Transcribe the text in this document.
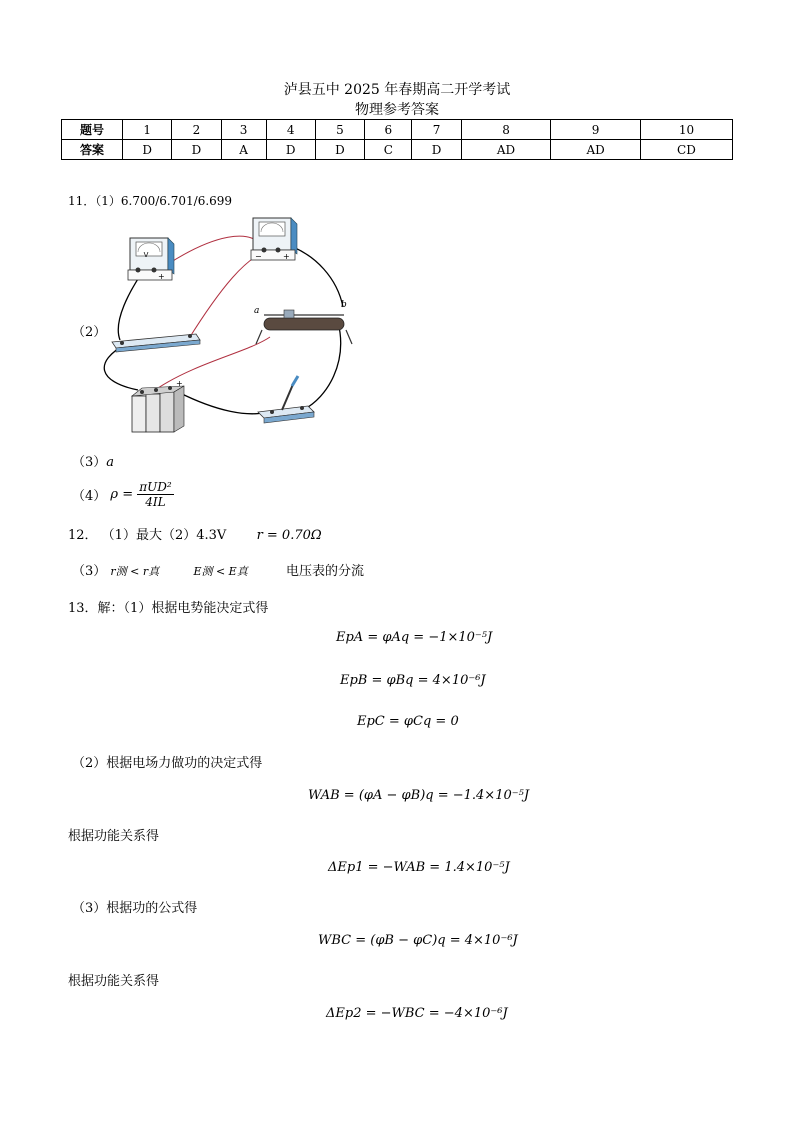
泸县五中 2025 年春期高二开学考试
物理参考答案
题号	1	2	3	4	5	6	7	8	9	10
答案	D	D	A	D	D	C	D	AD	AD	CD
11．（1）6.700/6.701/6.699
（2）
V
+
−	+
a
b
+
（3）a
（4） $\rho = \frac{\text{πUD²}}{4IL}$
12． （1）最大（2）4.3V r = 0.70Ω
（3） r测 < r真	E测 < E真	电压表的分流
13．解：（1）根据电势能决定式得
EpA = φAq = −1×10⁻⁵J
EpB = φBq = 4×10⁻⁶J
EpC = φCq = 0
（2）根据电场力做功的决定式得
WAB = (φA − φB)q = −1.4×10⁻⁵J
根据功能关系得
ΔEp1 = −WAB = 1.4×10⁻⁵J
（3）根据功的公式得
WBC = (φB − φC)q = 4×10⁻⁶J
根据功能关系得
ΔEp2 = −WBC = −4×10⁻⁶J
